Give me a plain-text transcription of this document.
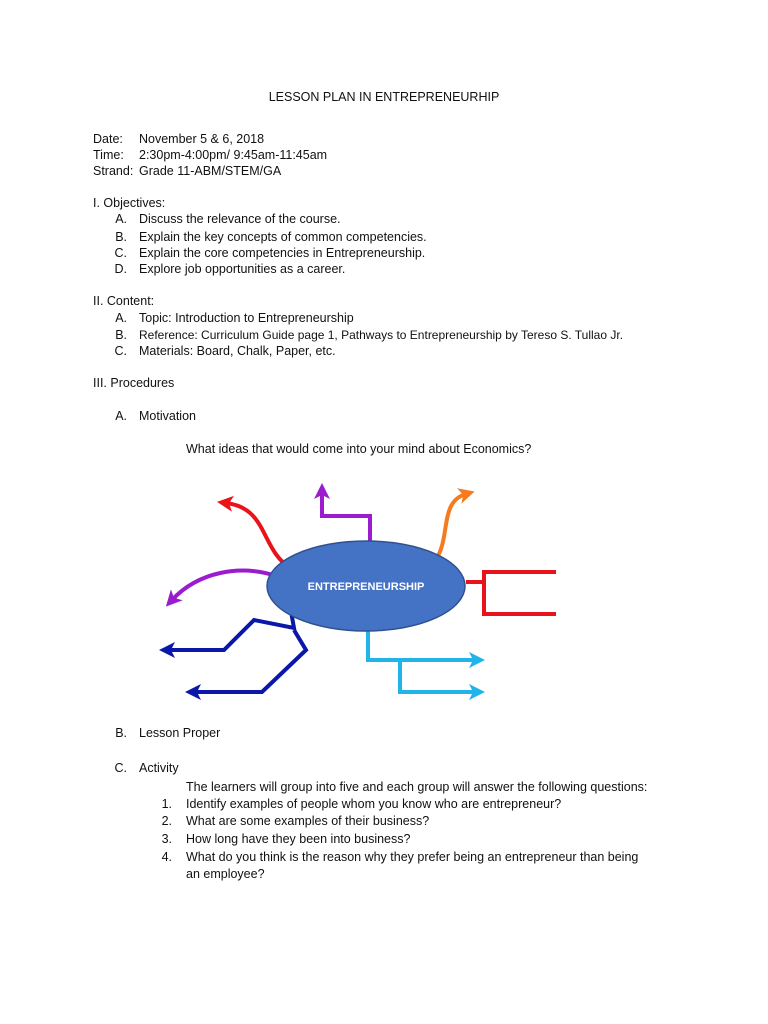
LESSON PLAN IN ENTREPRENEURHIP
Date: November 5 & 6, 2018
Time: 2:30pm-4:00pm/ 9:45am-11:45am
Strand: Grade 11-ABM/STEM/GA
I. Objectives:
A. Discuss the relevance of the course.
B. Explain the key concepts of common competencies.
C. Explain the core competencies in Entrepreneurship.
D. Explore job opportunities as a career.
II. Content:
A. Topic: Introduction to Entrepreneurship
B. Reference: Curriculum Guide page 1, Pathways to Entrepreneurship by Tereso S. Tullao Jr.
C. Materials: Board, Chalk, Paper, etc.
III. Procedures
A. Motivation
What ideas that would come into your mind about Economics?
ENTREPRENEURSHIP
B. Lesson Proper
C. Activity
The learners will group into five and each group will answer the following questions:
1. Identify examples of people whom you know who are entrepreneur?
2. What are some examples of their business?
3. How long have they been into business?
4. What do you think is the reason why they prefer being an entrepreneur than being
an employee?
